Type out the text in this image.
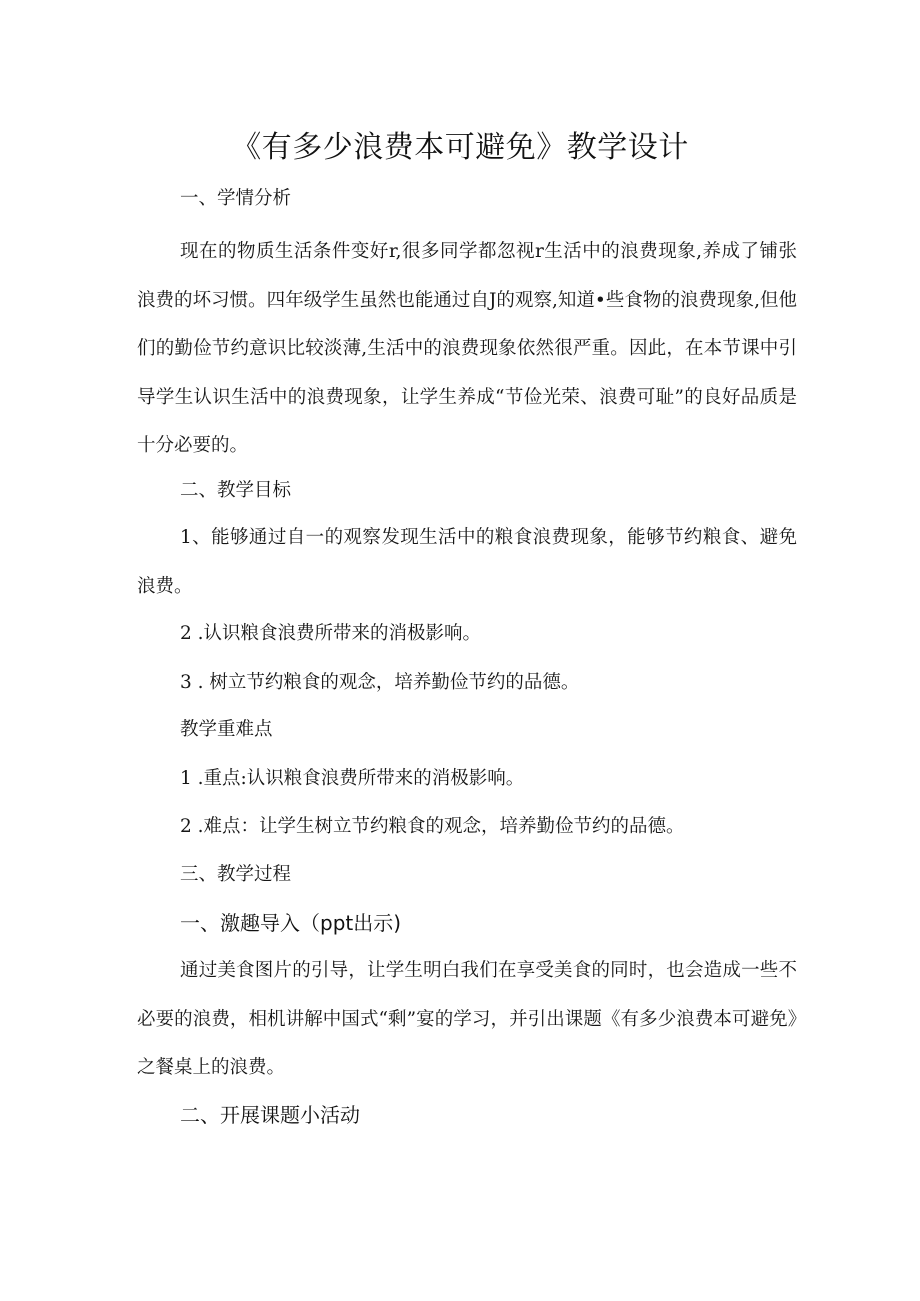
《有多少浪费本可避免》教学设计
一、学情分析

现在的物质生活条件变好r,很多同学都忽视r生活中的浪费现象,养成了铺张浪费的坏习惯。四年级学生虽然也能通过自J的观察,知道•些食物的浪费现象,但他们的勤俭节约意识比较淡薄,生活中的浪费现象依然很严重。因此，在本节课中引导学生认识生活中的浪费现象，让学生养成“节俭光荣、浪费可耻”的良好品质是十分必要的。

二、教学目标

1、能够通过自一的观察发现生活中的粮食浪费现象，能够节约粮食、避免浪费。

2 .认识粮食浪费所带来的消极影响。
3 . 树立节约粮食的观念，培养勤俭节约的品德。
教学重难点
1 .重点:认识粮食浪费所带来的消极影响。
2 .难点：让学生树立节约粮食的观念，培养勤俭节约的品德。
三、教学过程
一、激趣导入（ppt出示)

通过美食图片的引导，让学生明白我们在享受美食的同时，也会造成一些不必要的浪费，相机讲解中国式“剩”宴的学习，并引出课题《有多少浪费本可避免》之餐桌上的浪费。

二、开展课题小活动
